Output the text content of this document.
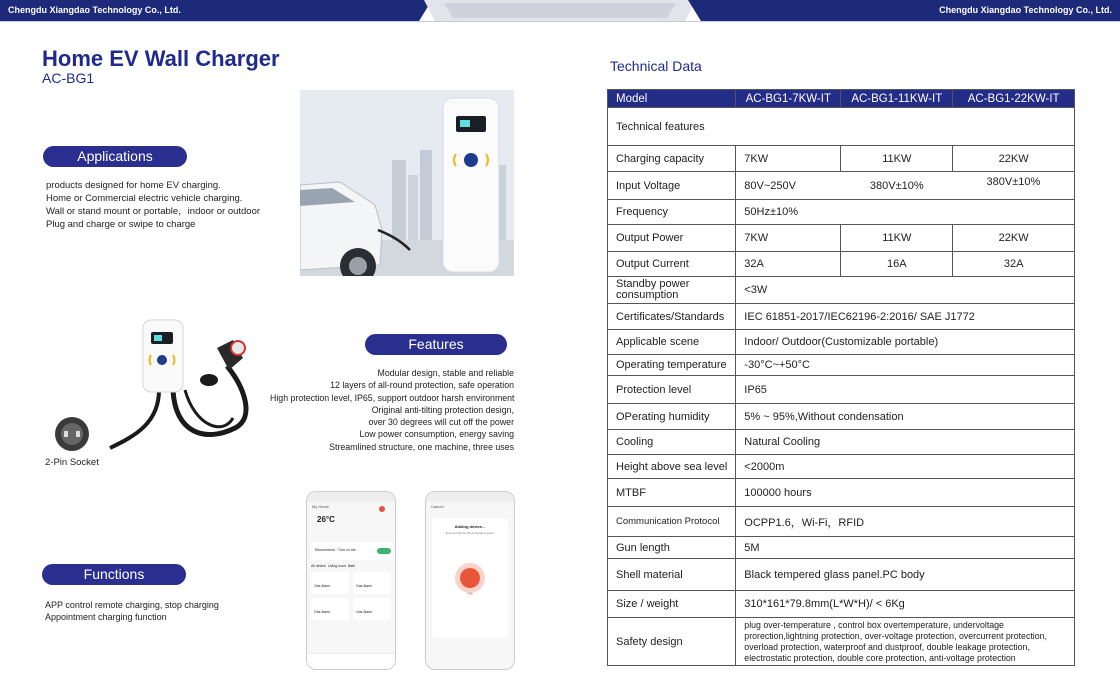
Chengdu Xiangdao Technology Co., Ltd.	Chengdu Xiangdao Technology Co., Ltd.
Home EV Wall Charger
AC-BG1
Applications
products designed for home EV charging.
Home or Commercial electric vehicle charging.
Wall or stand mount or portable，indoor or outdoor
Plug and charge or swipe to charge
2-Pin Socket
Features
Modular design, stable and reliable
12 layers of all-round protection, safe operation
High protection level, IP65, support outdoor harsh environment
Original anti-tilting protection design,
over 30 degrees will cut off the power
Low power consumption, energy saving
Streamlined structure, one machine, three uses
Functions
APP control remote charging, stop charging
Appointment charging function
My Home
26°C
Recommend · Turn on the
All device Living room Bath
Gas Alarm	Gas Alarm
Gas Alarm	Gas Alarm
Cancel
Adding device...
Ensure that the Wi-Fi signal is good.
0%
Technical Data
Model	AC-BG1-7KW-IT	AC-BG1-11KW-IT	AC-BG1-22KW-IT
Technical features			
Charging capacity	7KW	11KW	22KW
Input Voltage	80V~250V	380V±10%	380V±10%
Frequency	50Hz±10%		
Output Power	7KW	11KW	22KW
Output Current	32A	16A	32A
Standby power consumption	<3W		
Certificates/Standards	IEC 61851-2017/IEC62196-2:2016/ SAE J1772		
Applicable scene	Indoor/ Outdoor(Customizable portable)		
Operating temperature	-30°C~+50°C		
Protection level	IP65		
OPerating humidity	5% ~ 95%,Without condensation		
Cooling	Natural Cooling		
Height above sea level	<2000m		
MTBF	100000 hours		
Communication Protocol	OCPP1.6，Wi-Fi，RFID		
Gun length	5M		
Shell material	Black tempered glass panel.PC body		
Size / weight	310*161*79.8mm(L*W*H)/ < 6Kg		
Safety design	plug over-temperature , control box overtemperature, undervoltage prorection,lightning protection, over-voltage protection, overcurrent protection, overload protection, waterproof and dustproof, double leakage protection, electrostatic protection, double core protection, anti-voltage protection		
